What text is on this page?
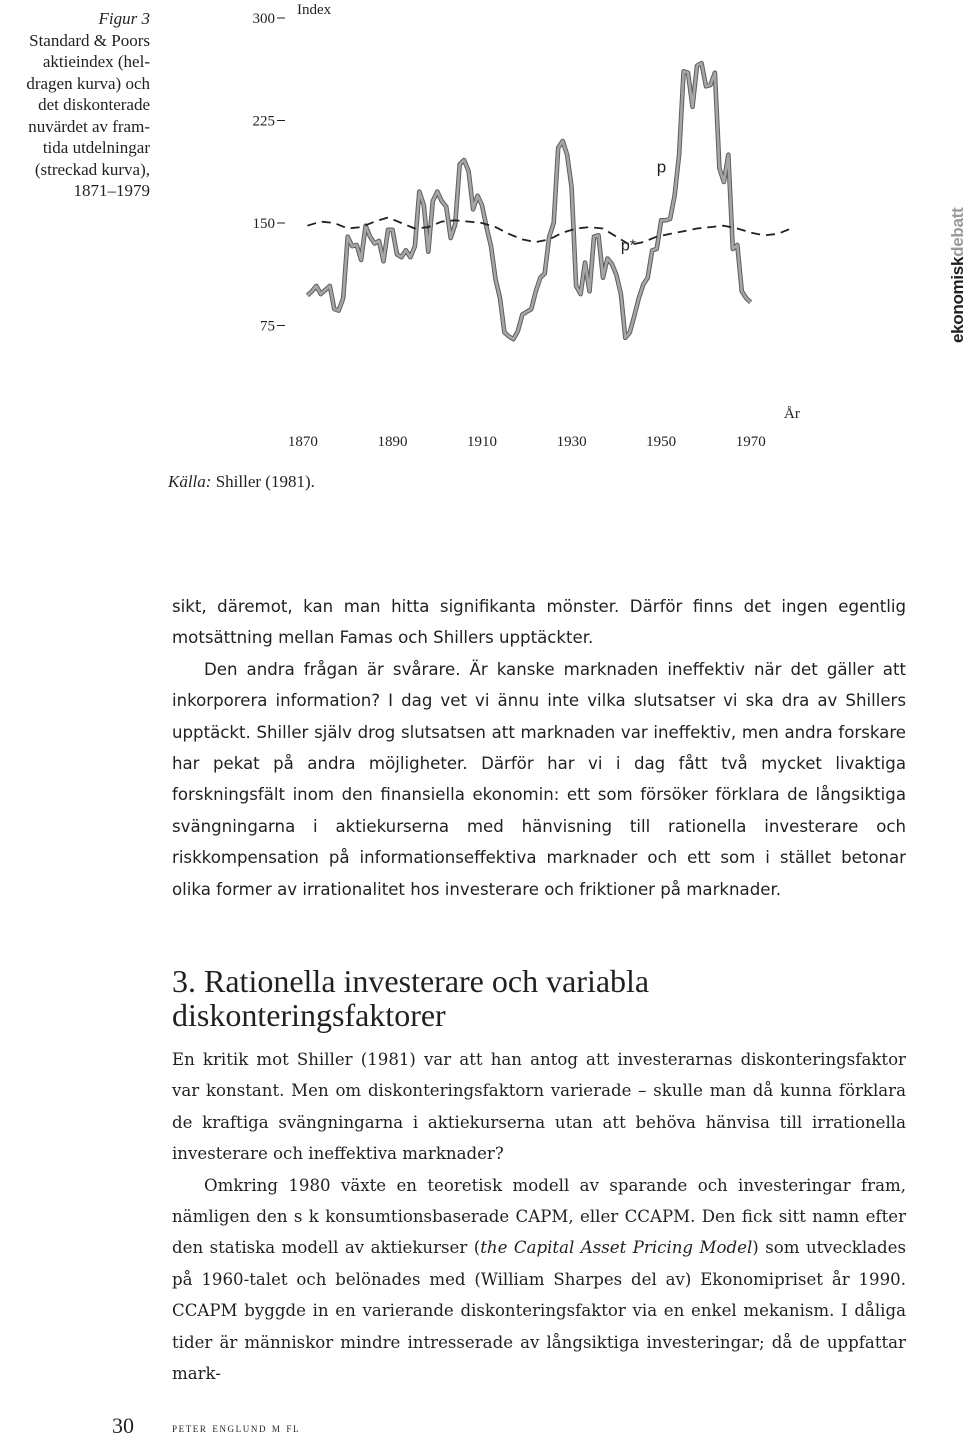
Figur 3
Standard & Poors
aktieindex (hel-
dragen kurva) och
det diskonterade
nuvärdet av fram-
tida utdelningar
(streckad kurva),
1871–1979
75
150
225
300
Index
1870	1890	1910	1930	1950	1970
År
p
p*
ekonomiskdebatt
Källa: Shiller (1981).

sikt, däremot, kan man hitta signifikanta mönster. Därför finns det ingen egentlig motsättning mellan Famas och Shillers upptäckter.

Den andra frågan är svårare. Är kanske marknaden ineffektiv när det gäller att inkorporera information? I dag vet vi ännu inte vilka slutsatser vi ska dra av Shillers upptäckt. Shiller själv drog slutsatsen att marknaden var ineffektiv, men andra forskare har pekat på andra möjligheter. Därför har vi i dag fått två mycket livaktiga forskningsfält inom den finansiella ekonomin: ett som försöker förklara de långsiktiga svängningarna i aktiekurserna med hänvisning till rationella investerare och riskkompensation på informationseffektiva marknader och ett som i stället betonar olika former av irrationalitet hos investerare och friktioner på marknader.

3. Rationella investerare och variabla diskonteringsfaktorer

En kritik mot Shiller (1981) var att han antog att investerarnas diskonteringsfaktor var konstant. Men om diskonteringsfaktorn varierade – skulle man då kunna förklara de kraftiga svängningarna i aktiekurserna utan att behöva hänvisa till irrationella investerare och ineffektiva marknader?

Omkring 1980 växte en teoretisk modell av sparande och investeringar fram, nämligen den s k konsumtionsbaserade CAPM, eller CCAPM. Den fick sitt namn efter den statiska modell av aktiekurser (the Capital Asset Pricing Model) som utvecklades på 1960-talet och belönades med (William Sharpes del av) Ekonomipriset år 1990. CCAPM byggde in en varierande diskonteringsfaktor via en enkel mekanism. I dåliga tider är människor mindre intresserade av långsiktiga investeringar; då de uppfattar mark-

30	peter englund m fl
